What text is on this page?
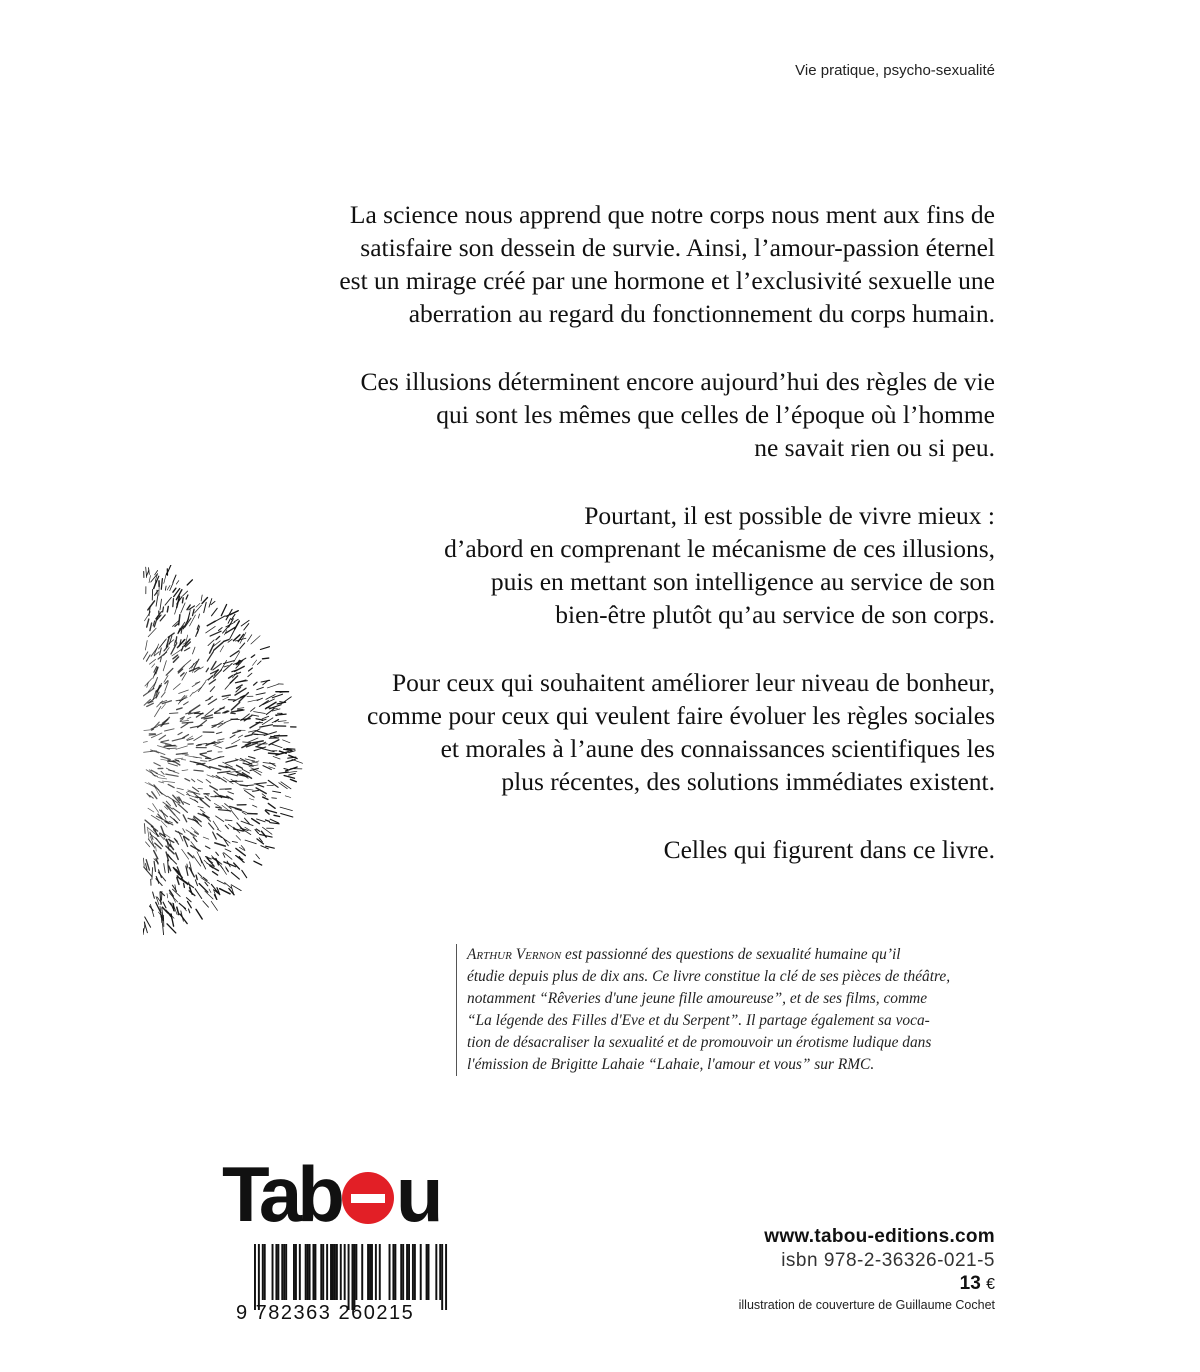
Vie pratique, psycho-sexualité

La science nous apprend que notre corps nous ment aux fins de
satisfaire son dessein de survie. Ainsi, l’amour-passion éternel
est un mirage créé par une hormone et l’exclusivité sexuelle une
aberration au regard du fonctionnement du corps humain.

Ces illusions déterminent encore aujourd’hui des règles de vie
qui sont les mêmes que celles de l’époque où l’homme
ne savait rien ou si peu.

Pourtant, il est possible de vivre mieux :
d’abord en comprenant le mécanisme de ces illusions,
puis en mettant son intelligence au service de son
bien-être plutôt qu’au service de son corps.

Pour ceux qui souhaitent améliorer leur niveau de bonheur,
comme pour ceux qui veulent faire évoluer les règles sociales
et morales à l’aune des connaissances scientifiques les
plus récentes, des solutions immédiates existent.

Celles qui figurent dans ce livre.

Arthur Vernon est passionné des questions de sexualité humaine qu’il
étudie depuis plus de dix ans. Ce livre constitue la clé de ses pièces de théâtre,
notamment “Rêveries d'une jeune fille amoureuse”, et de ses films, comme
“La légende des Filles d'Eve et du Serpent”. Il partage également sa voca-
tion de désacraliser la sexualité et de promouvoir un érotisme ludique dans
l'émission de Brigitte Lahaie “Lahaie, l'amour et vous” sur RMC.
Tab u
9 782363 260215
www.tabou-editions.com
isbn 978-2-36326-021-5
13 €
illustration de couverture de Guillaume Cochet
